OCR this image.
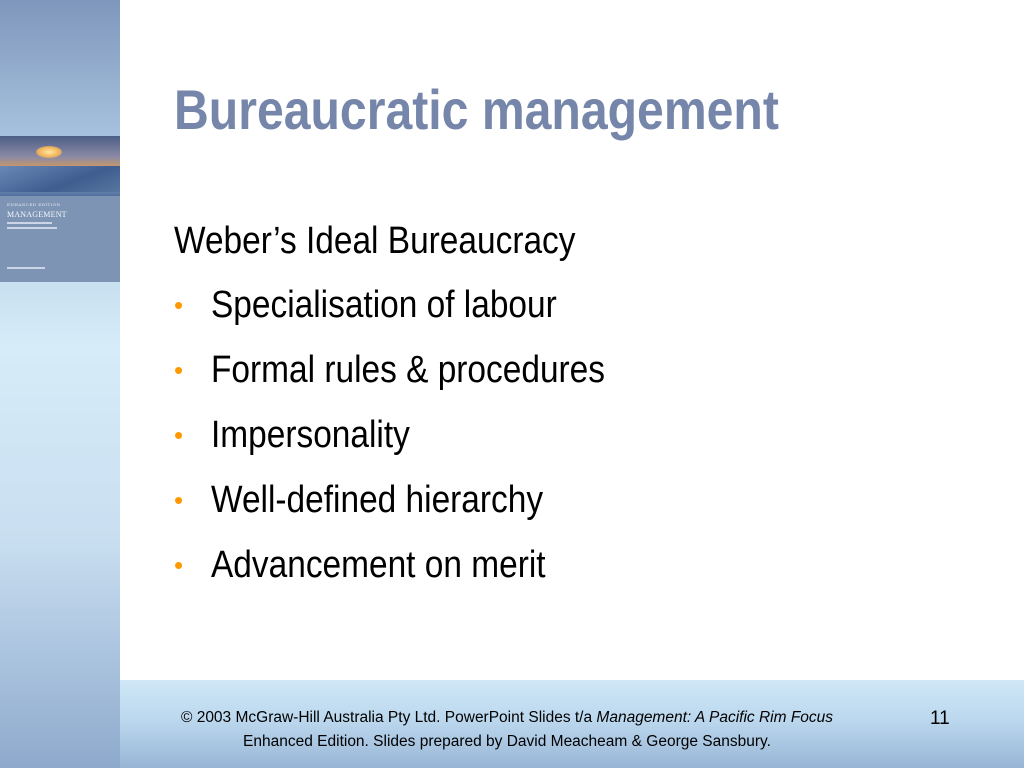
ENHANCED EDITION
MANAGEMENT
Bureaucratic management
Weber’s Ideal Bureaucracy
• Specialisation of labour
• Formal rules & procedures
• Impersonality
• Well-defined hierarchy
• Advancement on merit
© 2003 McGraw-Hill Australia Pty Ltd. PowerPoint Slides t/a Management: A Pacific Rim Focus
Enhanced Edition. Slides prepared by David Meacheam & George Sansbury.
11
